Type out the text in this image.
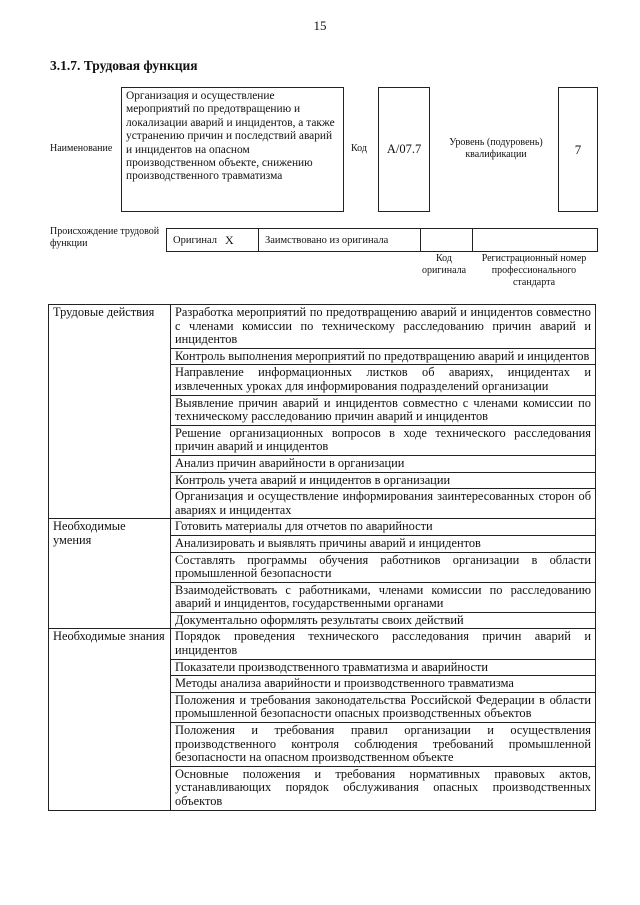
15
3.1.7. Трудовая функция
Наименование
Организация и осуществление мероприятий по предотвращению и локализации аварий и инцидентов, а также устранению причин и последствий аварий и инцидентов на опасном производственном объекте, снижению производственного травматизма
Код	A/07.7	Уровень (подуровень) квалификации	7
Происхождение трудовой функции	Оригинал X	Заимствовано из оригинала
Код оригинала
Регистрационный номер профессионального стандарта
Трудовые действия	Разработка мероприятий по предотвращению аварий и инцидентов совместно с членами комиссии по техническому расследованию причин аварий и инцидентов
	Контроль выполнения мероприятий по предотвращению аварий и инцидентов
	Направление информационных листков об авариях, инцидентах и извлеченных уроках для информирования подразделений организации
	Выявление причин аварий и инцидентов совместно с членами комиссии по техническому расследованию причин аварий и инцидентов
	Решение организационных вопросов в ходе технического расследования причин аварий и инцидентов
	Анализ причин аварийности в организации
	Контроль учета аварий и инцидентов в организации
	Организация и осуществление информирования заинтересованных сторон об авариях и инцидентах
Необходимые умения	Готовить материалы для отчетов по аварийности
	Анализировать и выявлять причины аварий и инцидентов
	Составлять программы обучения работников организации в области промышленной безопасности
	Взаимодействовать с работниками, членами комиссии по расследованию аварий и инцидентов, государственными органами
	Документально оформлять результаты своих действий
Необходимые знания	Порядок проведения технического расследования причин аварий и инцидентов
	Показатели производственного травматизма и аварийности
	Методы анализа аварийности и производственного травматизма
	Положения и требования законодательства Российской Федерации в области промышленной безопасности опасных производственных объектов
	Положения и требования правил организации и осуществления производственного контроля соблюдения требований промышленной безопасности на опасном производственном объекте
	Основные положения и требования нормативных правовых актов, устанавливающих порядок обслуживания опасных производственных объектов
